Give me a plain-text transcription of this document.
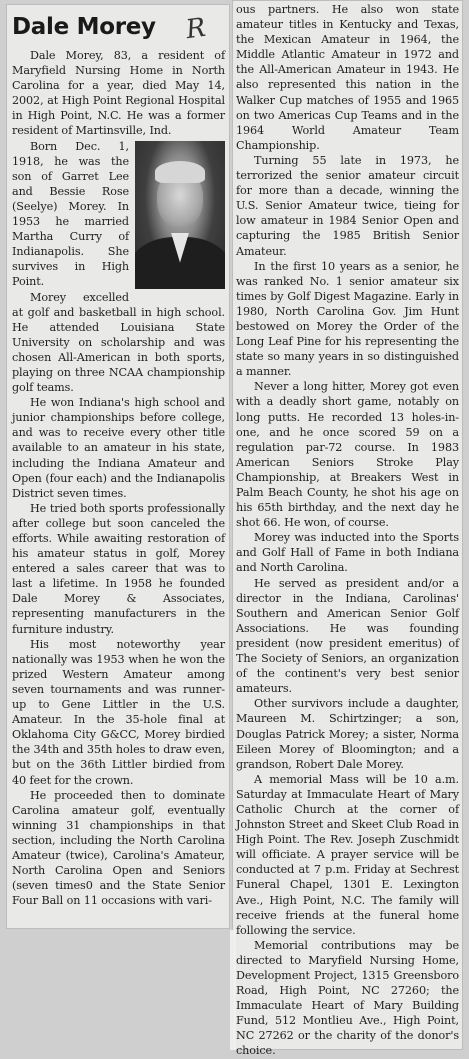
Dale Morey R

Dale Morey, 83, a resident of Maryfield Nursing Home in North Carolina for a year, died May 14, 2002, at High Point Regional Hospital in High Point, N.C. He was a former resident of Martinsville, Ind.

Born Dec. 1, 1918, he was the son of Garret Lee and Bessie Rose (Seelye) Morey. In 1953 he married Martha Curry of Indianapolis. She survives in High Point.

Morey excelled at golf and basketball in high school. He attended Louisiana State University on scholarship and was chosen All-American in both sports, playing on three NCAA championship golf teams.

He won Indiana's high school and junior championships before college, and was to receive every other title available to an amateur in his state, including the Indiana Amateur and Open (four each) and the Indianapolis District seven times.

He tried both sports professionally after college but soon canceled the efforts. While awaiting restoration of his amateur status in golf, Morey entered a sales career that was to last a lifetime. In 1958 he founded Dale Morey & Associates, representing manufacturers in the furniture industry.

His most noteworthy year nationally was 1953 when he won the prized Western Amateur among seven tournaments and was runner-up to Gene Littler in the U.S. Amateur. In the 35-hole final at Oklahoma City G&CC, Morey birdied the 34th and 35th holes to draw even, but on the 36th Littler birdied from 40 feet for the crown.

He proceeded then to dominate Carolina amateur golf, eventually winning 31 championships in that section, including the North Carolina Amateur (twice), Carolina's Amateur, North Carolina Open and Seniors (seven times0 and the State Senior Four Ball on 11 occasions with vari-

ous partners. He also won state amateur titles in Kentucky and Texas, the Mexican Amateur in 1964, the Middle Atlantic Amateur in 1972 and the All-American Amateur in 1943. He also represented this nation in the Walker Cup matches of 1955 and 1965 on two Americas Cup Teams and in the 1964 World Amateur Team Championship.

Turning 55 late in 1973, he terrorized the senior amateur circuit for more than a decade, winning the U.S. Senior Amateur twice, tieing for low amateur in 1984 Senior Open and capturing the 1985 British Senior Amateur.

In the first 10 years as a senior, he was ranked No. 1 senior amateur six times by Golf Digest Magazine. Early in 1980, North Carolina Gov. Jim Hunt bestowed on Morey the Order of the Long Leaf Pine for his representing the state so many years in so distinguished a manner.

Never a long hitter, Morey got even with a deadly short game, notably on long putts. He recorded 13 holes-in-one, and he once scored 59 on a regulation par-72 course. In 1983 American Seniors Stroke Play Championship, at Breakers West in Palm Beach County, he shot his age on his 65th birthday, and the next day he shot 66. He won, of course.

Morey was inducted into the Sports and Golf Hall of Fame in both Indiana and North Carolina.

He served as president and/or a director in the Indiana, Carolinas' Southern and American Senior Golf Associations. He was founding president (now president emeritus) of The Society of Seniors, an organization of the continent's very best senior amateurs.

Other survivors include a daughter, Maureen M. Schirtzinger; a son, Douglas Patrick Morey; a sister, Norma Eileen Morey of Bloomington; and a grandson, Robert Dale Morey.

A memorial Mass will be 10 a.m. Saturday at Immaculate Heart of Mary Catholic Church at the corner of Johnston Street and Skeet Club Road in High Point. The Rev. Joseph Zuschmidt will officiate. A prayer service will be conducted at 7 p.m. Friday at Sechrest Funeral Chapel, 1301 E. Lexington Ave., High Point, N.C. The family will receive friends at the funeral home following the service.

Memorial contributions may be directed to Maryfield Nursing Home, Development Project, 1315 Greensboro Road, High Point, NC 27260; the Immaculate Heart of Mary Building Fund, 512 Montlieu Ave., High Point, NC 27262 or the charity of the donor's choice.
